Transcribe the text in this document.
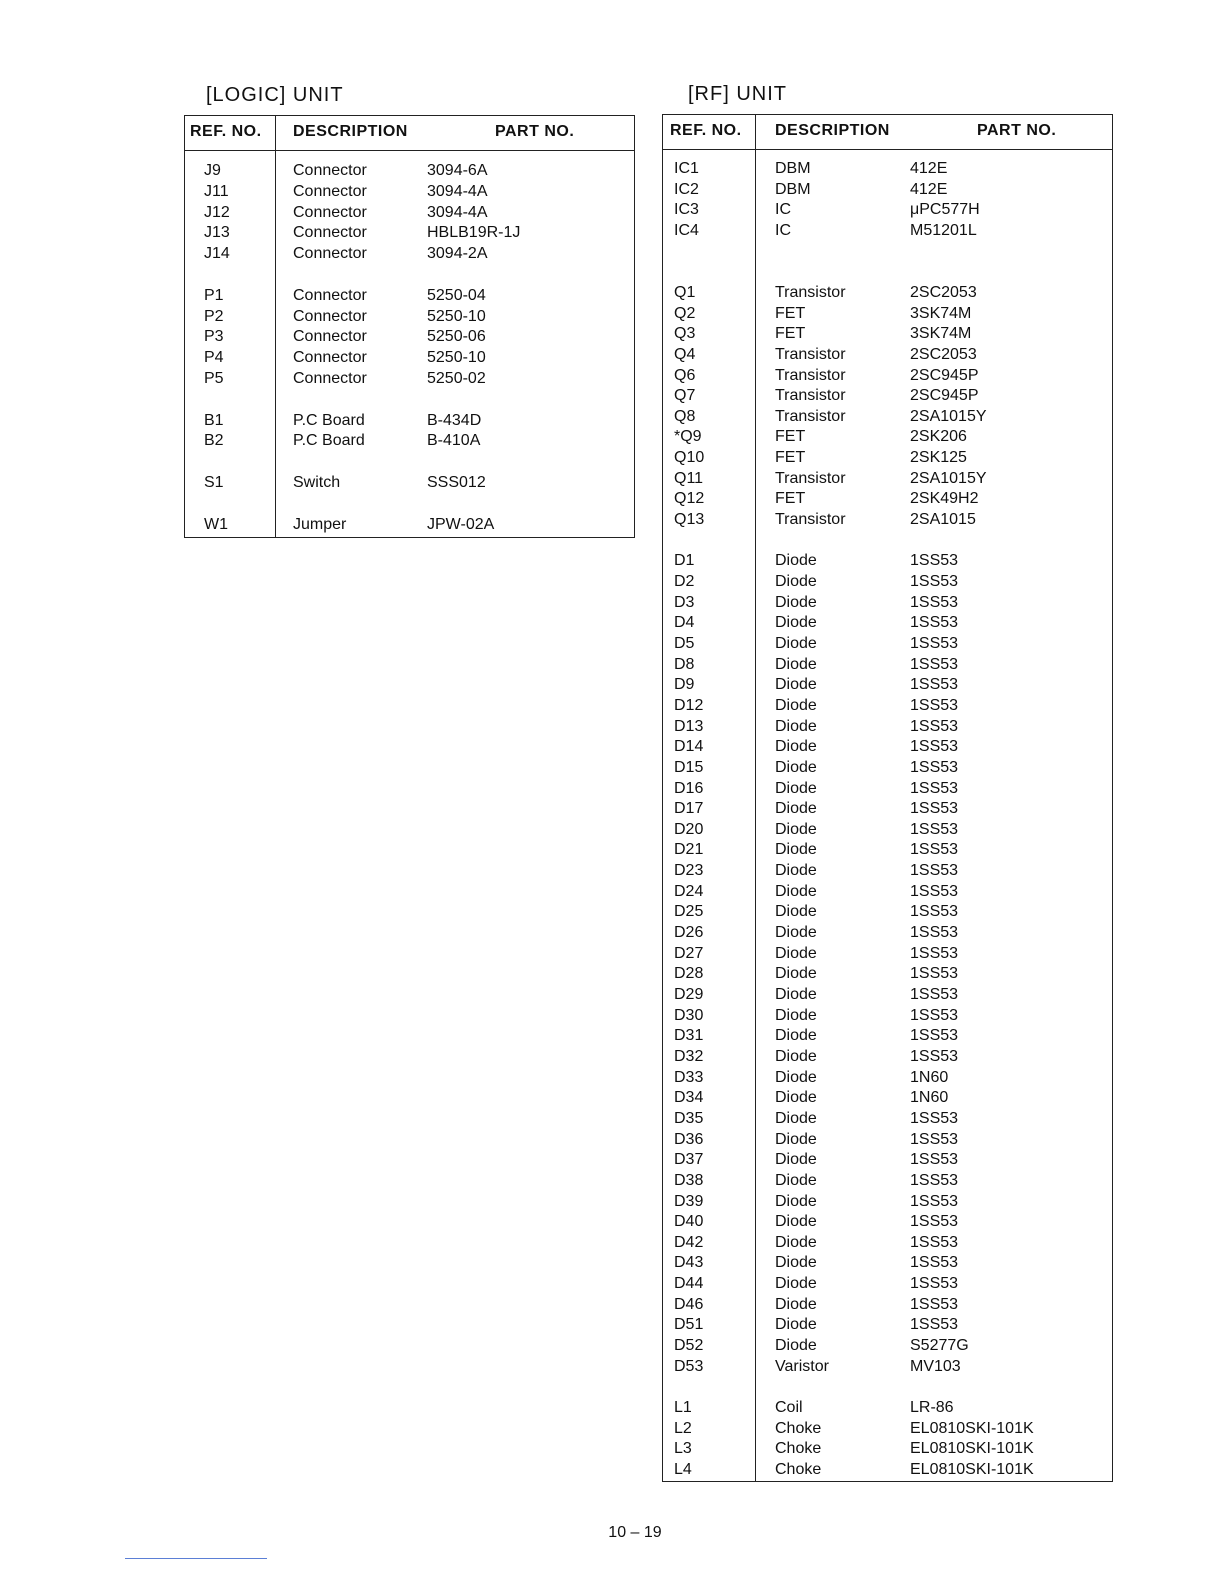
[LOGIC] UNIT
REF. NO. DESCRIPTION	PART NO.
J9	Connector	3094-6A
J11	Connector	3094-4A
J12	Connector	3094-4A
J13	Connector	HBLB19R-1J
J14	Connector	3094-2A
P1	Connector	5250-04
P2	Connector	5250-10
P3	Connector	5250-06
P4	Connector	5250-10
P5	Connector	5250-02
B1	P.C Board	B-434D
B2	P.C Board	B-410A
S1	Switch	SSS012
W1	Jumper	JPW-02A
[RF] UNIT
REF. NO. DESCRIPTION	PART NO.
IC1	DBM	412E
IC2	DBM	412E
IC3	IC	μPC577H
IC4	IC	M51201L
Q1	Transistor	2SC2053
Q2	FET	3SK74M
Q3	FET	3SK74M
Q4	Transistor	2SC2053
Q6	Transistor	2SC945P
Q7	Transistor	2SC945P
Q8	Transistor	2SA1015Y
*Q9	FET	2SK206
Q10	FET	2SK125
Q11	Transistor	2SA1015Y
Q12	FET	2SK49H2
Q13	Transistor	2SA1015
D1	Diode	1SS53
D2	Diode	1SS53
D3	Diode	1SS53
D4	Diode	1SS53
D5	Diode	1SS53
D8	Diode	1SS53
D9	Diode	1SS53
D12	Diode	1SS53
D13	Diode	1SS53
D14	Diode	1SS53
D15	Diode	1SS53
D16	Diode	1SS53
D17	Diode	1SS53
D20	Diode	1SS53
D21	Diode	1SS53
D23	Diode	1SS53
D24	Diode	1SS53
D25	Diode	1SS53
D26	Diode	1SS53
D27	Diode	1SS53
D28	Diode	1SS53
D29	Diode	1SS53
D30	Diode	1SS53
D31	Diode	1SS53
D32	Diode	1SS53
D33	Diode	1N60
D34	Diode	1N60
D35	Diode	1SS53
D36	Diode	1SS53
D37	Diode	1SS53
D38	Diode	1SS53
D39	Diode	1SS53
D40	Diode	1SS53
D42	Diode	1SS53
D43	Diode	1SS53
D44	Diode	1SS53
D46	Diode	1SS53
D51	Diode	1SS53
D52	Diode	S5277G
D53	Varistor	MV103
L1	Coil	LR-86
L2	Choke	EL0810SKI-101K
L3	Choke	EL0810SKI-101K
L4	Choke	EL0810SKI-101K
10 – 19
